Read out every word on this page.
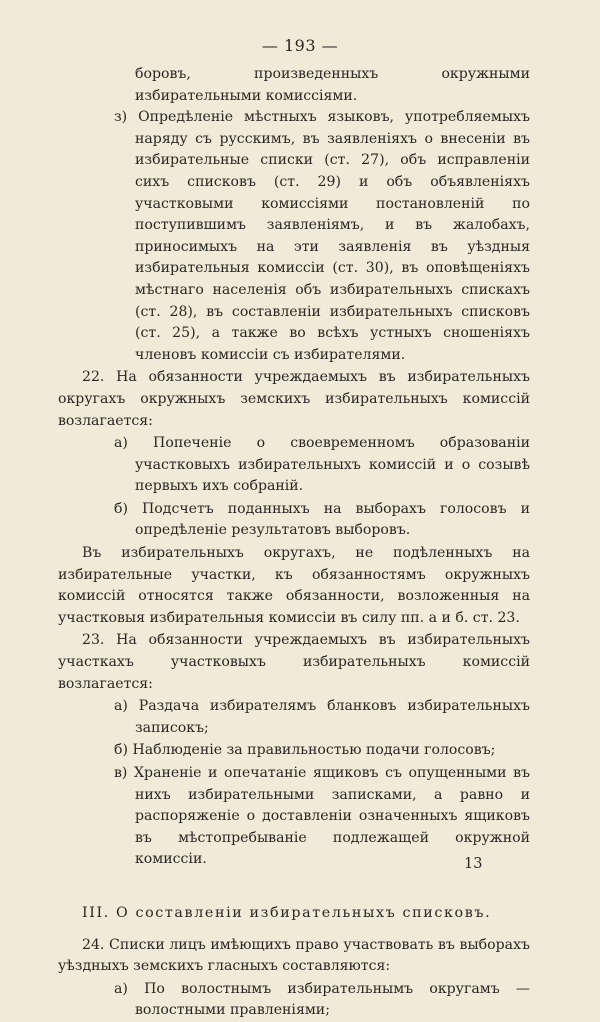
— 193 —

боровъ, произведенныхъ окружными избирательными комиссіями.

з) Опредѣленіе мѣстныхъ языковъ, употребляемыхъ наряду съ русскимъ, въ заявленіяхъ о внесеніи въ избирательные списки (ст. 27), объ исправленіи сихъ списковъ (ст. 29) и объ объявленіяхъ участковыми комиссіями постановленій по поступившимъ заявленіямъ, и въ жалобахъ, приносимыхъ на эти заявленія въ уѣздныя избирательныя комиссіи (ст. 30), въ оповѣщеніяхъ мѣстнаго населенія объ избирательныхъ спискахъ (ст. 28), въ составленіи избирательныхъ списковъ (ст. 25), а также во всѣхъ устныхъ сношеніяхъ членовъ комиссіи съ избирателями.

22. На обязанности учреждаемыхъ въ избирательныхъ округахъ окружныхъ земскихъ избирательныхъ комиссій возлагается:

а) Попеченіе о своевременномъ образованіи участковыхъ избирательныхъ комиссій и о созывѣ первыхъ ихъ собраній.

б) Подсчетъ поданныхъ на выборахъ голосовъ и опредѣленіе результатовъ выборовъ.

Въ избирательныхъ округахъ, не подѣленныхъ на избирательные участки, къ обязанностямъ окружныхъ комиссій относятся также обязанности, возложенныя на участковыя избирательныя комиссіи въ силу пп. а и б. ст. 23.

23. На обязанности учреждаемыхъ въ избирательныхъ участкахъ участковыхъ избирательныхъ комиссій возлагается:

а) Раздача избирателямъ бланковъ избирательныхъ записокъ;

б) Наблюденіе за правильностью подачи голосовъ;

в) Храненіе и опечатаніе ящиковъ съ опущенными въ нихъ избирательными записками, а равно и распоряженіе о доставленіи означенныхъ ящиковъ въ мѣстопребываніе подлежащей окружной комиссіи.

III. О составленіи избирательныхъ списковъ.

24. Списки лицъ имѣющихъ право участвовать въ выборахъ уѣздныхъ земскихъ гласныхъ составляются:

а) По волостнымъ избирательнымъ округамъ — волостными правленіями;

13
